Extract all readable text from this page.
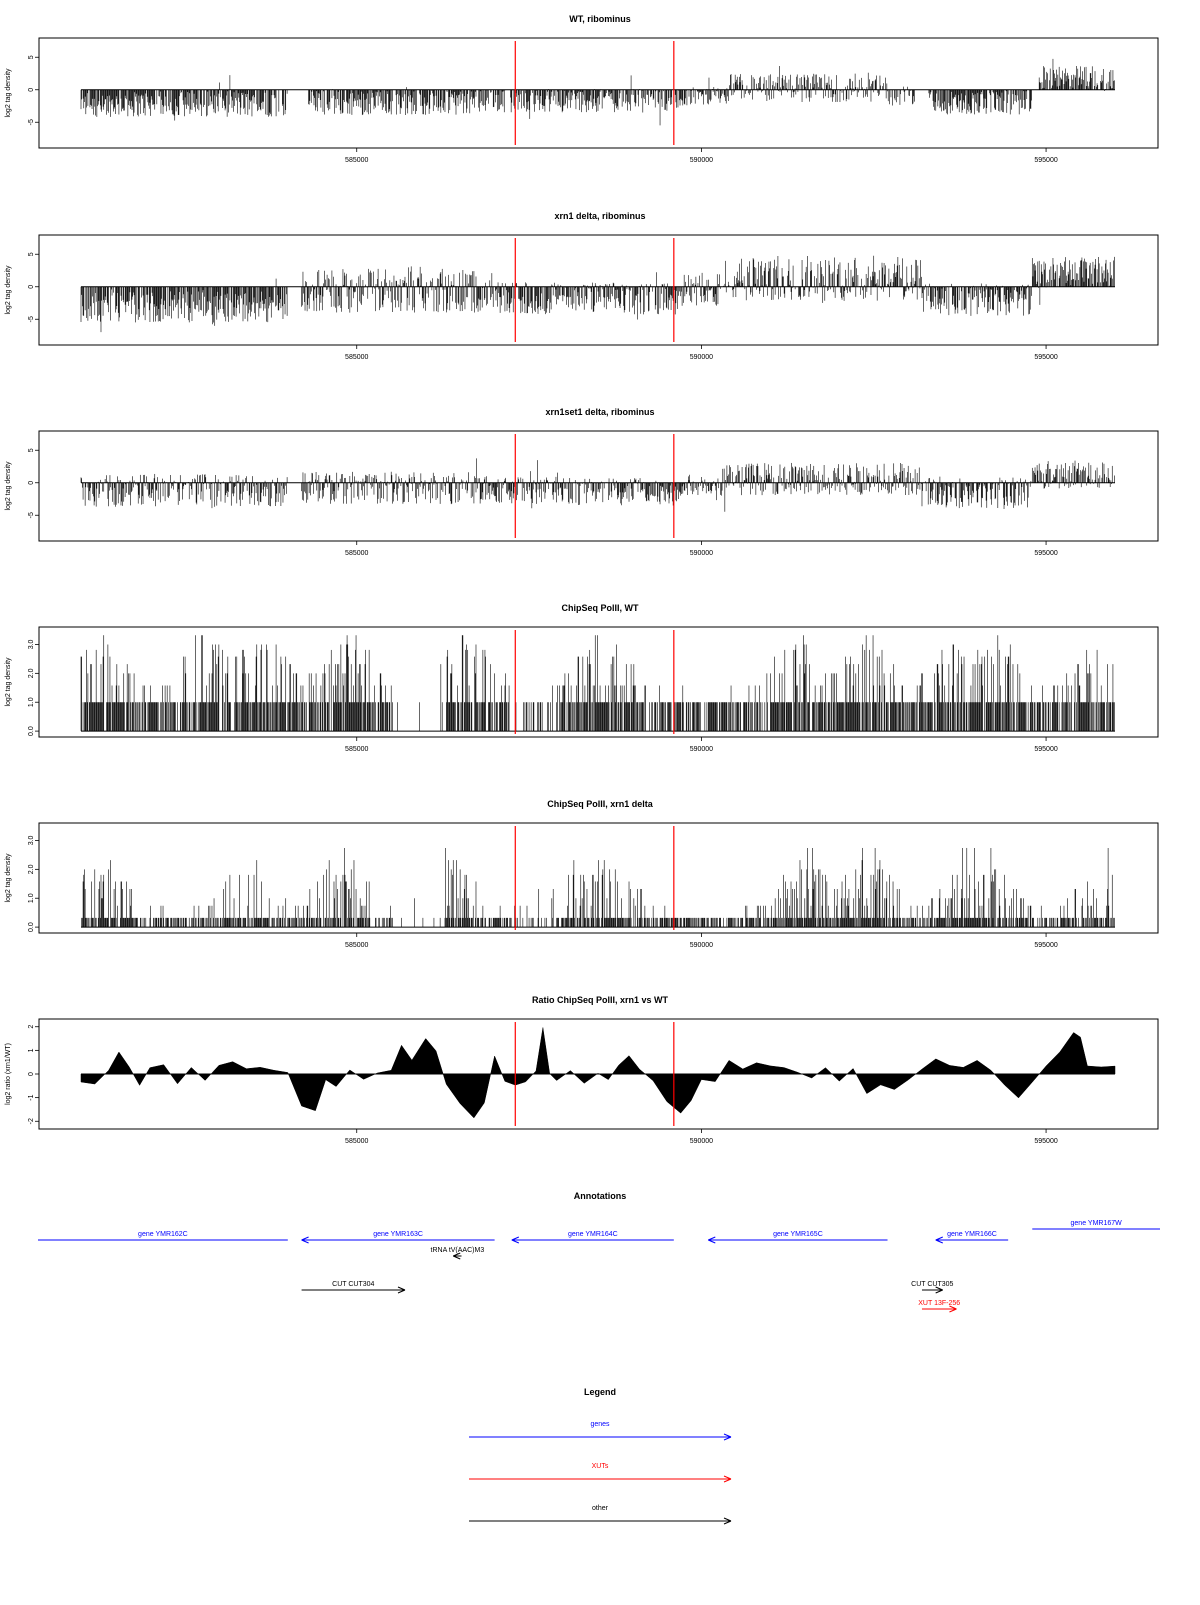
WT, ribominus
log2 tag density
-5
0
5
585000	590000	595000
xrn1 delta, ribominus
log2 tag density
-5
0
5
585000	590000	595000
xrn1set1 delta, ribominus
log2 tag density
-5
0
5
585000	590000	595000
ChipSeq PolII, WT
log2 tag density
0.0
1.0
2.0
3.0
585000	590000	595000
ChipSeq PolII, xrn1 delta
log2 tag density
0.0
1.0
2.0
3.0
585000	590000	595000
Ratio ChipSeq PolII, xrn1 vs WT
log2 ratio (xrn1/WT)
-2
-1
0
1
2
585000	590000	595000
Annotations
gene YMR162C	gene YMR163C	gene YMR164C	gene YMR165C	gene YMR166C
gene YMR167W
tRNA tV(AAC)M3
CUT CUT304	CUT CUT305
XUT 13F-256
Legend
genes
XUTs
other
